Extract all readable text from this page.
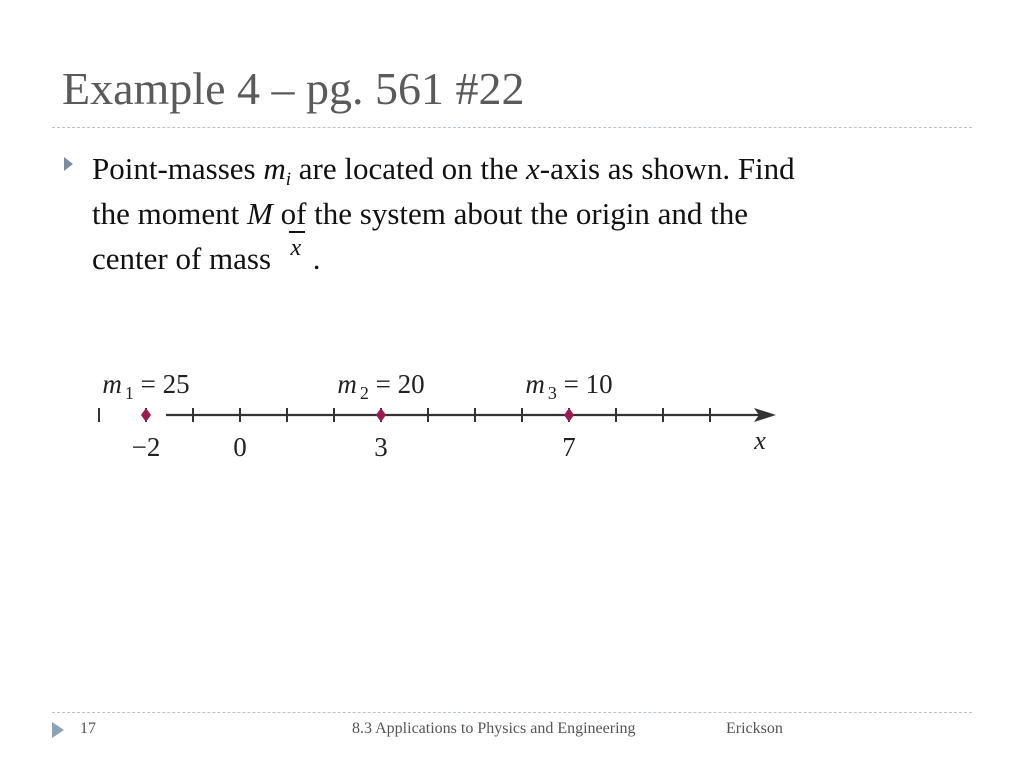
Example 4 – pg. 561 #22
Point-masses $m_i$ are located on the x-axis as shown. Find
the moment M of the system about the origin and the
center of mass
x .
−2	0	3	7	x
m $_1$ = 25	m $_2$ = 20	m $_3$ = 10
17	8.3 Applications to Physics and Engineering	Erickson
